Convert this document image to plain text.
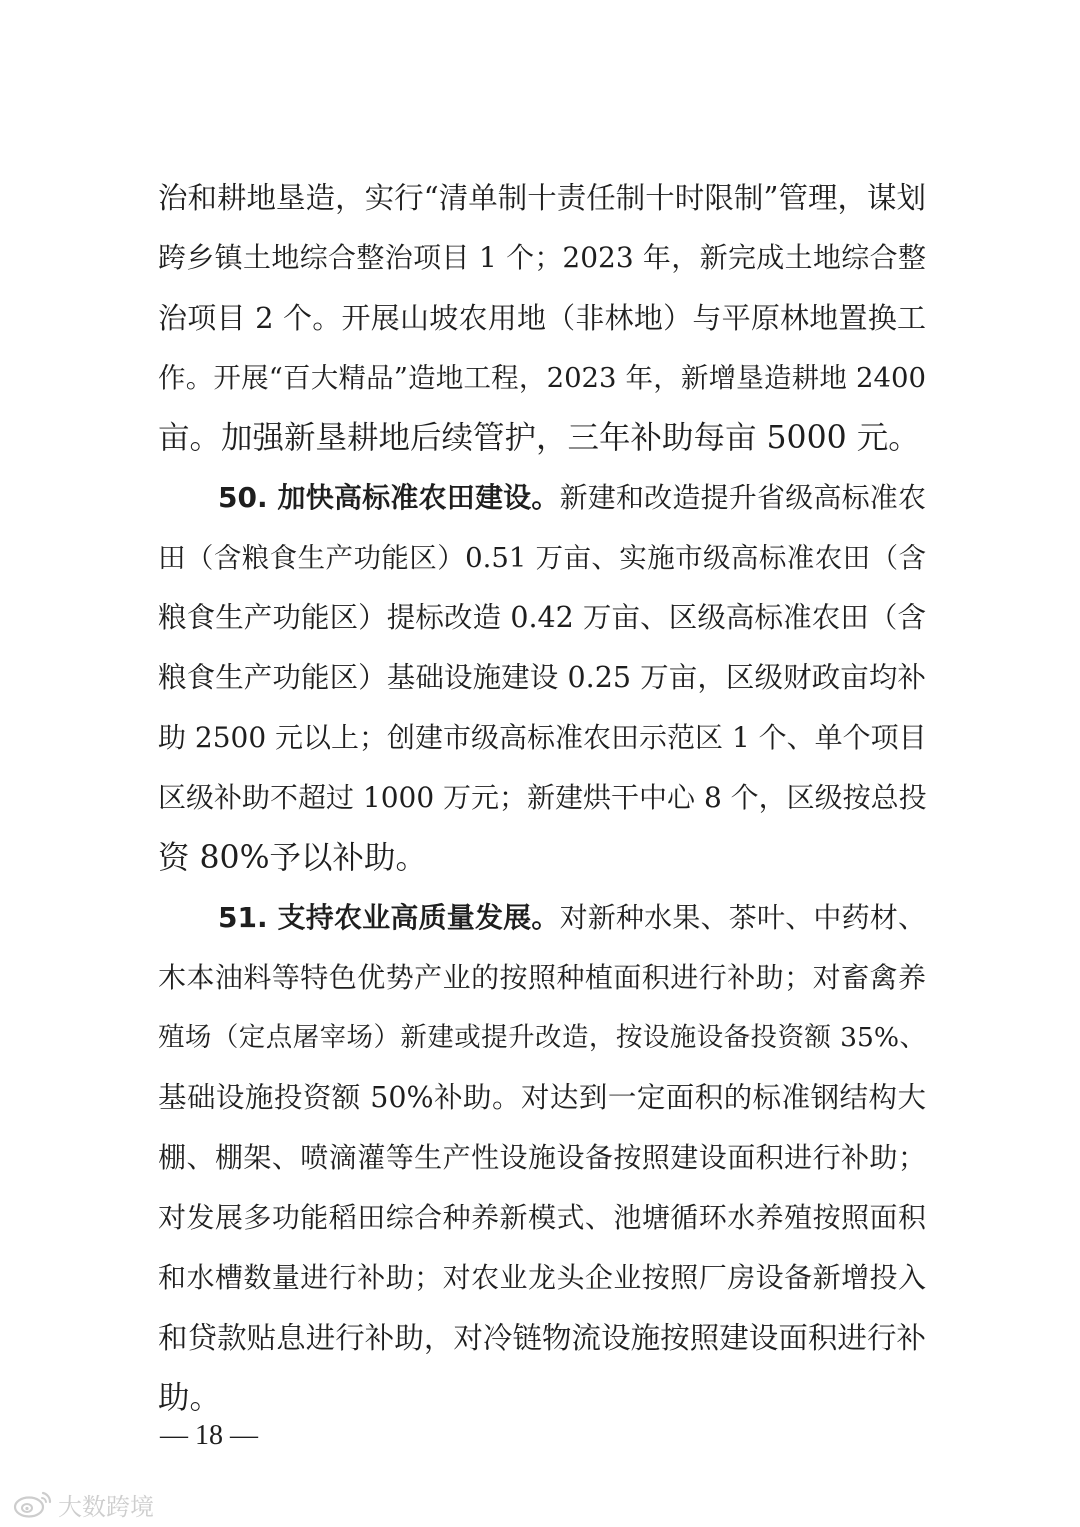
治和耕地垦造，实行“清单制十责任制十时限制”管理，谋划
跨乡镇土地综合整治项目 1 个；2023 年，新完成土地综合整
治项目 2 个。开展山坡农用地（非林地）与平原林地置换工
作。开展“百大精品”造地工程，2023 年，新增垦造耕地 2400
亩。加强新垦耕地后续管护，三年补助每亩 5000 元。
50. 加快高标准农田建设。新建和改造提升省级高标准农
田（含粮食生产功能区）0.51 万亩、实施市级高标准农田（含
粮食生产功能区）提标改造 0.42 万亩、区级高标准农田（含
粮食生产功能区）基础设施建设 0.25 万亩，区级财政亩均补
助 2500 元以上；创建市级高标准农田示范区 1 个、单个项目
区级补助不超过 1000 万元；新建烘干中心 8 个，区级按总投
资 80%予以补助。
51. 支持农业高质量发展。对新种水果、茶叶、中药材、
木本油料等特色优势产业的按照种植面积进行补助；对畜禽养
殖场（定点屠宰场）新建或提升改造，按设施设备投资额 35%、
基础设施投资额 50%补助。对达到一定面积的标准钢结构大
棚、棚架、喷滴灌等生产性设施设备按照建设面积进行补助；
对发展多功能稻田综合种养新模式、池塘循环水养殖按照面积
和水槽数量进行补助；对农业龙头企业按照厂房设备新增投入
和贷款贴息进行补助，对冷链物流设施按照建设面积进行补
助。
— 18 —
大数跨境
